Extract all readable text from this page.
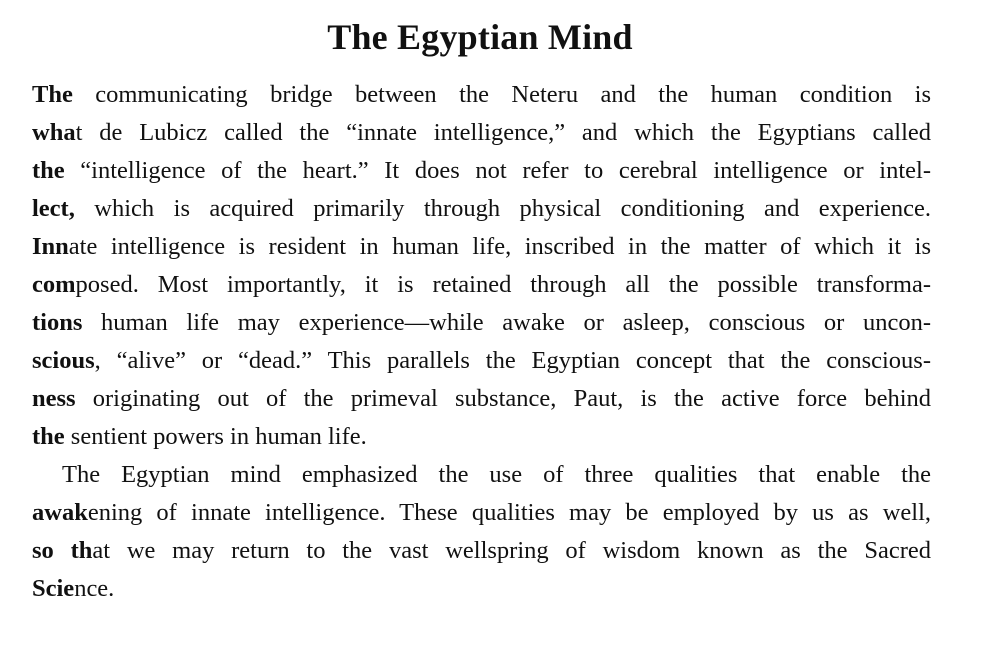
The Egyptian Mind
The communicating bridge between the Neteru and the human condition is
what de Lubicz called the “innate intelligence,” and which the Egyptians called
the “intelligence of the heart.” It does not refer to cerebral intelligence or intel-
lect, which is acquired primarily through physical conditioning and experience.
Innate intelligence is resident in human life, inscribed in the matter of which it is
composed. Most importantly, it is retained through all the possible transforma-
tions human life may experience—while awake or asleep, conscious or uncon-
scious, “alive” or “dead.” This parallels the Egyptian concept that the conscious-
ness originating out of the primeval substance, Paut, is the active force behind
the sentient powers in human life.
The Egyptian mind emphasized the use of three qualities that enable the
awakening of innate intelligence. These qualities may be employed by us as well,
so that we may return to the vast wellspring of wisdom known as the Sacred
Science.
